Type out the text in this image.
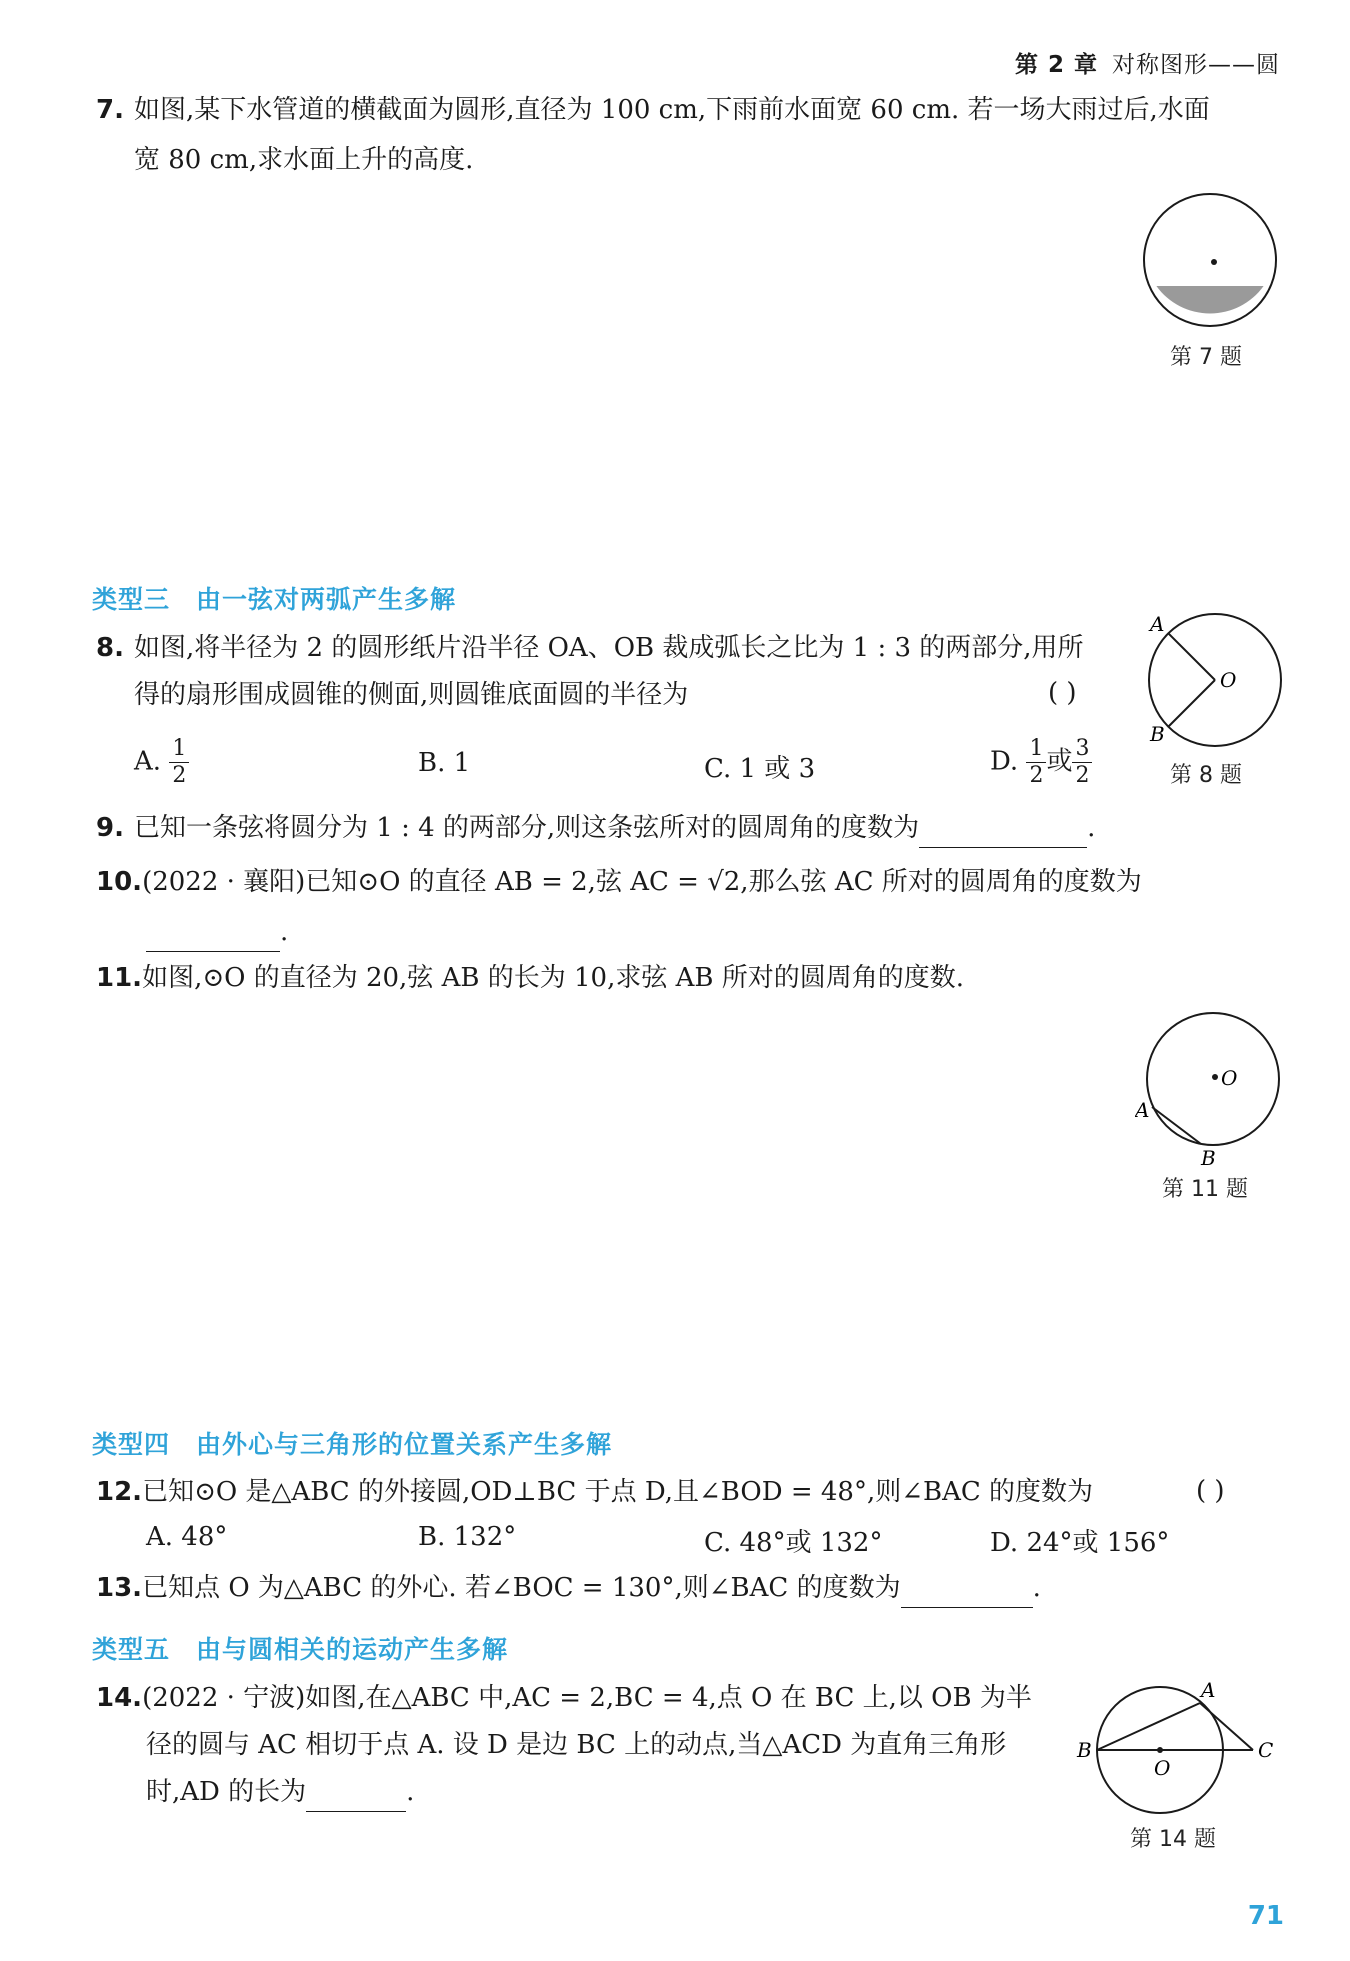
第 2 章 对称图形——圆
7. 如图,某下水管道的横截面为圆形,直径为 100 cm,下雨前水面宽 60 cm. 若一场大雨过后,水面
宽 80 cm,求水面上升的高度.
第 7 题
类型三 由一弦对两弧产生多解
8. 如图,将半径为 2 的圆形纸片沿半径 OA、OB 裁成弧长之比为 1 : 3 的两部分,用所
得的扇形围成圆锥的侧面,则圆锥底面圆的半径为	( )
A. $\frac{1}{2}$	B. 1	C. 1 或 3	D. $\frac{1}{2}$ 或 $\frac{3}{2}$
A
B
O
第 8 题
9. 已知一条弦将圆分为 1 : 4 的两部分,则这条弦所对的圆周角的度数为	.
10.(2022 · 襄阳)已知⊙O 的直径 AB = 2,弦 AC = √2,那么弦 AC 所对的圆周角的度数为
.
11.如图,⊙O 的直径为 20,弦 AB 的长为 10,求弦 AB 所对的圆周角的度数.
O
A
B
第 11 题
类型四 由外心与三角形的位置关系产生多解
12.已知⊙O 是△ABC 的外接圆,OD⊥BC 于点 D,且∠BOD = 48°,则∠BAC 的度数为	( )
A. 48°	B. 132°	C. 48°或 132°	D. 24°或 156°
13.已知点 O 为△ABC 的外心. 若∠BOC = 130°,则∠BAC 的度数为	.
类型五 由与圆相关的运动产生多解
14.(2022 · 宁波)如图,在△ABC 中,AC = 2,BC = 4,点 O 在 BC 上,以 OB 为半
径的圆与 AC 相切于点 A. 设 D 是边 BC 上的动点,当△ACD 为直角三角形
时,AD 的长为	.
A
B	C
O
第 14 题
71
